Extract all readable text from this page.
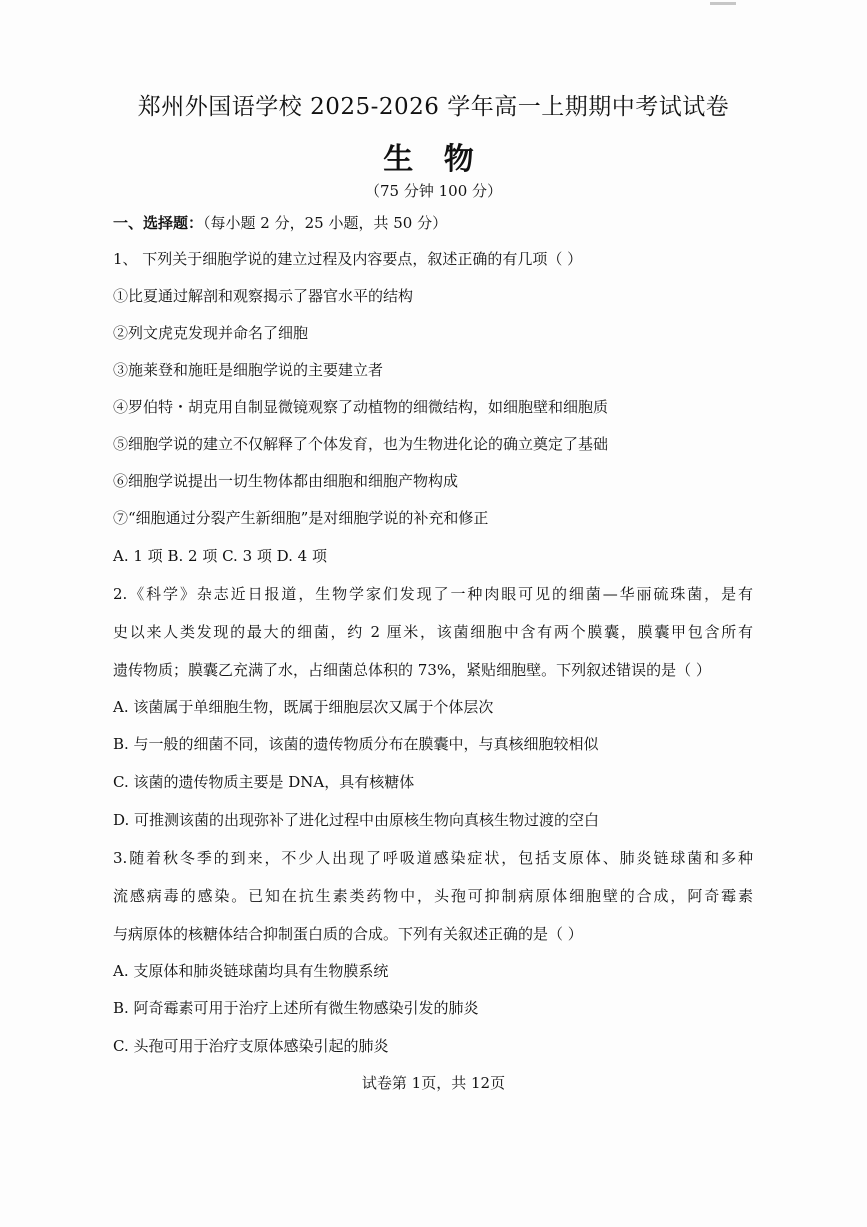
郑州外国语学校 2025-2026 学年高一上期期中考试试卷
生 物
（75 分钟 100 分）
一、选择题：（每小题 2 分，25 小题，共 50 分）
1、 下列关于细胞学说的建立过程及内容要点，叙述正确的有几项（ ）
①比夏通过解剖和观察揭示了器官水平的结构
②列文虎克发现并命名了细胞
③施莱登和施旺是细胞学说的主要建立者
④罗伯特・胡克用自制显微镜观察了动植物的细微结构，如细胞壁和细胞质
⑤细胞学说的建立不仅解释了个体发育，也为生物进化论的确立奠定了基础
⑥细胞学说提出一切生物体都由细胞和细胞产物构成
⑦“细胞通过分裂产生新细胞”是对细胞学说的补充和修正
A. 1 项 B. 2 项 C. 3 项 D. 4 项
2.《科学》杂志近日报道，生物学家们发现了一种肉眼可见的细菌—华丽硫珠菌，是有
史以来人类发现的最大的细菌，约 2 厘米，该菌细胞中含有两个膜囊，膜囊甲包含所有
遗传物质；膜囊乙充满了水，占细菌总体积的 73%，紧贴细胞壁。下列叙述错误的是（ ）
A. 该菌属于单细胞生物，既属于细胞层次又属于个体层次
B. 与一般的细菌不同，该菌的遗传物质分布在膜囊中，与真核细胞较相似
C. 该菌的遗传物质主要是 DNA，具有核糖体
D. 可推测该菌的出现弥补了进化过程中由原核生物向真核生物过渡的空白
3.随着秋冬季的到来，不少人出现了呼吸道感染症状，包括支原体、肺炎链球菌和多种
流感病毒的感染。已知在抗生素类药物中，头孢可抑制病原体细胞壁的合成，阿奇霉素
与病原体的核糖体结合抑制蛋白质的合成。下列有关叙述正确的是（ ）
A. 支原体和肺炎链球菌均具有生物膜系统
B. 阿奇霉素可用于治疗上述所有微生物感染引发的肺炎
C. 头孢可用于治疗支原体感染引起的肺炎
试卷第 1页，共 12页
